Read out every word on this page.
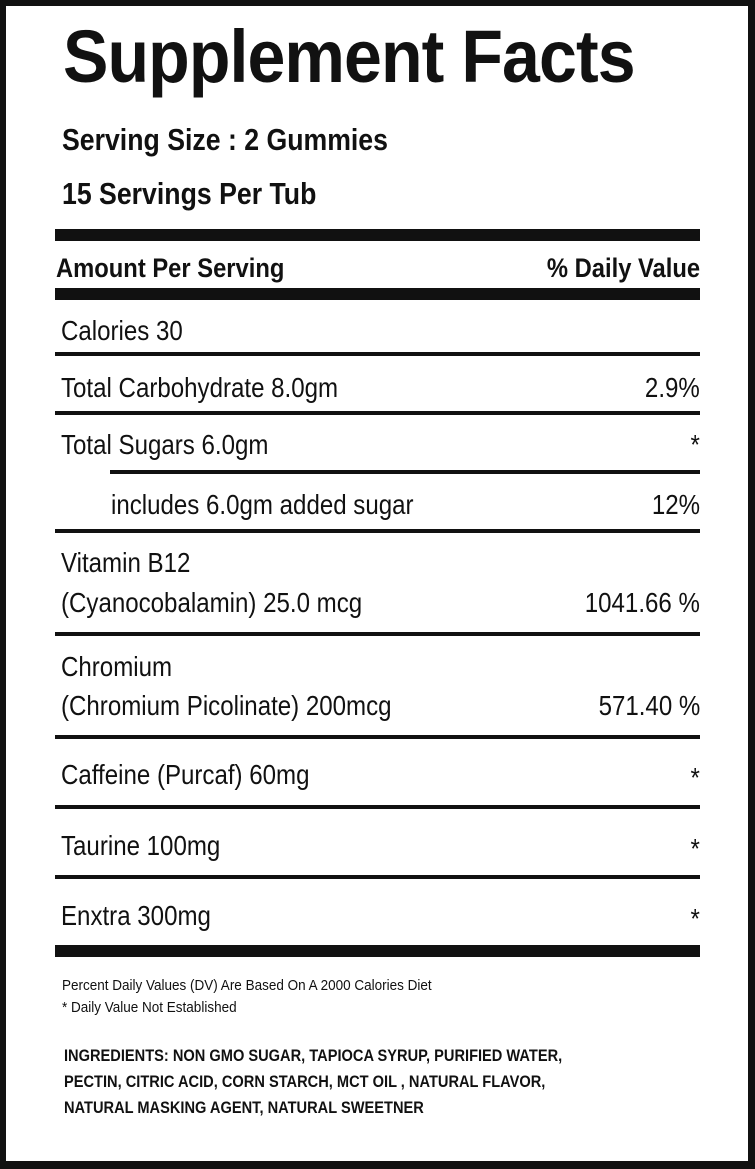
Supplement Facts
Serving Size : 2 Gummies
15 Servings Per Tub
Amount Per Serving	% Daily Value
Calories 30
Total Carbohydrate 8.0gm	2.9%
Total Sugars 6.0gm	*
includes 6.0gm added sugar	12%
Vitamin B12
(Cyanocobalamin) 25.0 mcg	1041.66 %
Chromium
(Chromium Picolinate) 200mcg	571.40 %
Caffeine (Purcaf) 60mg	*
Taurine 100mg	*
Enxtra 300mg	*
Percent Daily Values (DV) Are Based On A 2000 Calories Diet
* Daily Value Not Established
INGREDIENTS: NON GMO SUGAR, TAPIOCA SYRUP, PURIFIED WATER,
PECTIN, CITRIC ACID, CORN STARCH, MCT OIL , NATURAL FLAVOR,
NATURAL MASKING AGENT, NATURAL SWEETNER
